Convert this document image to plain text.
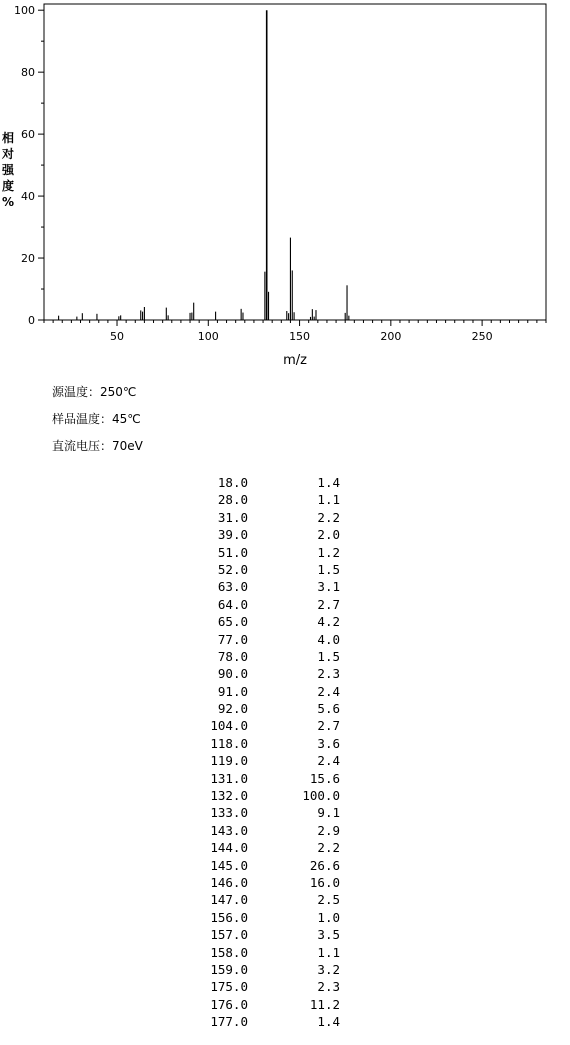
0
20
40
60
80
100
50	100	150	200	250
m/z
相
对
强
度
%
源温度：250℃
样品温度：45℃
直流电压：70eV
18.0	1.4
28.0	1.1
31.0	2.2
39.0	2.0
51.0	1.2
52.0	1.5
63.0	3.1
64.0	2.7
65.0	4.2
77.0	4.0
78.0	1.5
90.0	2.3
91.0	2.4
92.0	5.6
104.0	2.7
118.0	3.6
119.0	2.4
131.0	15.6
132.0	100.0
133.0	9.1
143.0	2.9
144.0	2.2
145.0	26.6
146.0	16.0
147.0	2.5
156.0	1.0
157.0	3.5
158.0	1.1
159.0	3.2
175.0	2.3
176.0	11.2
177.0	1.4
